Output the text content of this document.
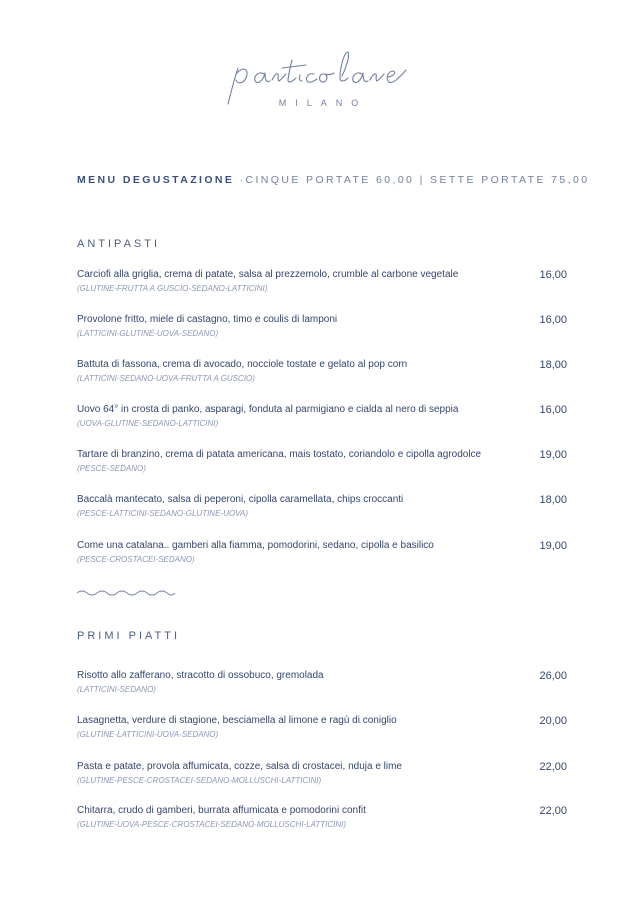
MILANO
MENU DEGUSTAZIONE ·CINQUE PORTATE 60,00 | SETTE PORTATE 75,00
ANTIPASTI
Carciofi alla griglia, crema di patate, salsa al prezzemolo, crumble al carbone vegetale
(GLUTINE-FRUTTA A GUSCIO-SEDANO-LATTICINI)
16,00
Provolone fritto, miele di castagno, timo e coulis di lamponi
(LATTICINI-GLUTINE-UOVA-SEDANO)
16,00
Battuta di fassona, crema di avocado, nocciole tostate e gelato al pop corn
(LATTICINI-SEDANO-UOVA-FRUTTA A GUSCIO)
18,00
Uovo 64° in crosta di panko, asparagi, fonduta al parmigiano e cialda al nero di seppia
(UOVA-GLUTINE-SEDANO-LATTICINI)
16,00
Tartare di branzino, crema di patata americana, mais tostato, coriandolo e cipolla agrodolce
(PESCE-SEDANO)
19,00
Baccalà mantecato, salsa di peperoni, cipolla caramellata, chips croccanti
(PESCE-LATTICINI-SEDANO-GLUTINE-UOVA)
18,00
Come una catalana.. gamberi alla fiamma, pomodorini, sedano, cipolla e basilico
(PESCE-CROSTACEI-SEDANO)
19,00
PRIMI PIATTI
Risotto allo zafferano, stracotto di ossobuco, gremolada
(LATTICINI-SEDANO)
26,00
Lasagnetta, verdure di stagione, besciamella al limone e ragù di coniglio
(GLUTINE-LATTICINI-UOVA-SEDANO)
20,00
Pasta e patate, provola affumicata, cozze, salsa di crostacei, nduja e lime
(GLUTINE-PESCE-CROSTACEI-SEDANO-MOLLUSCHI-LATTICINI)
22,00
Chitarra, crudo di gamberi, burrata affumicata e pomodorini confit
(GLUTINE-UOVA-PESCE-CROSTACEI-SEDANO-MOLLUSCHI-LATTICINI)
22,00
